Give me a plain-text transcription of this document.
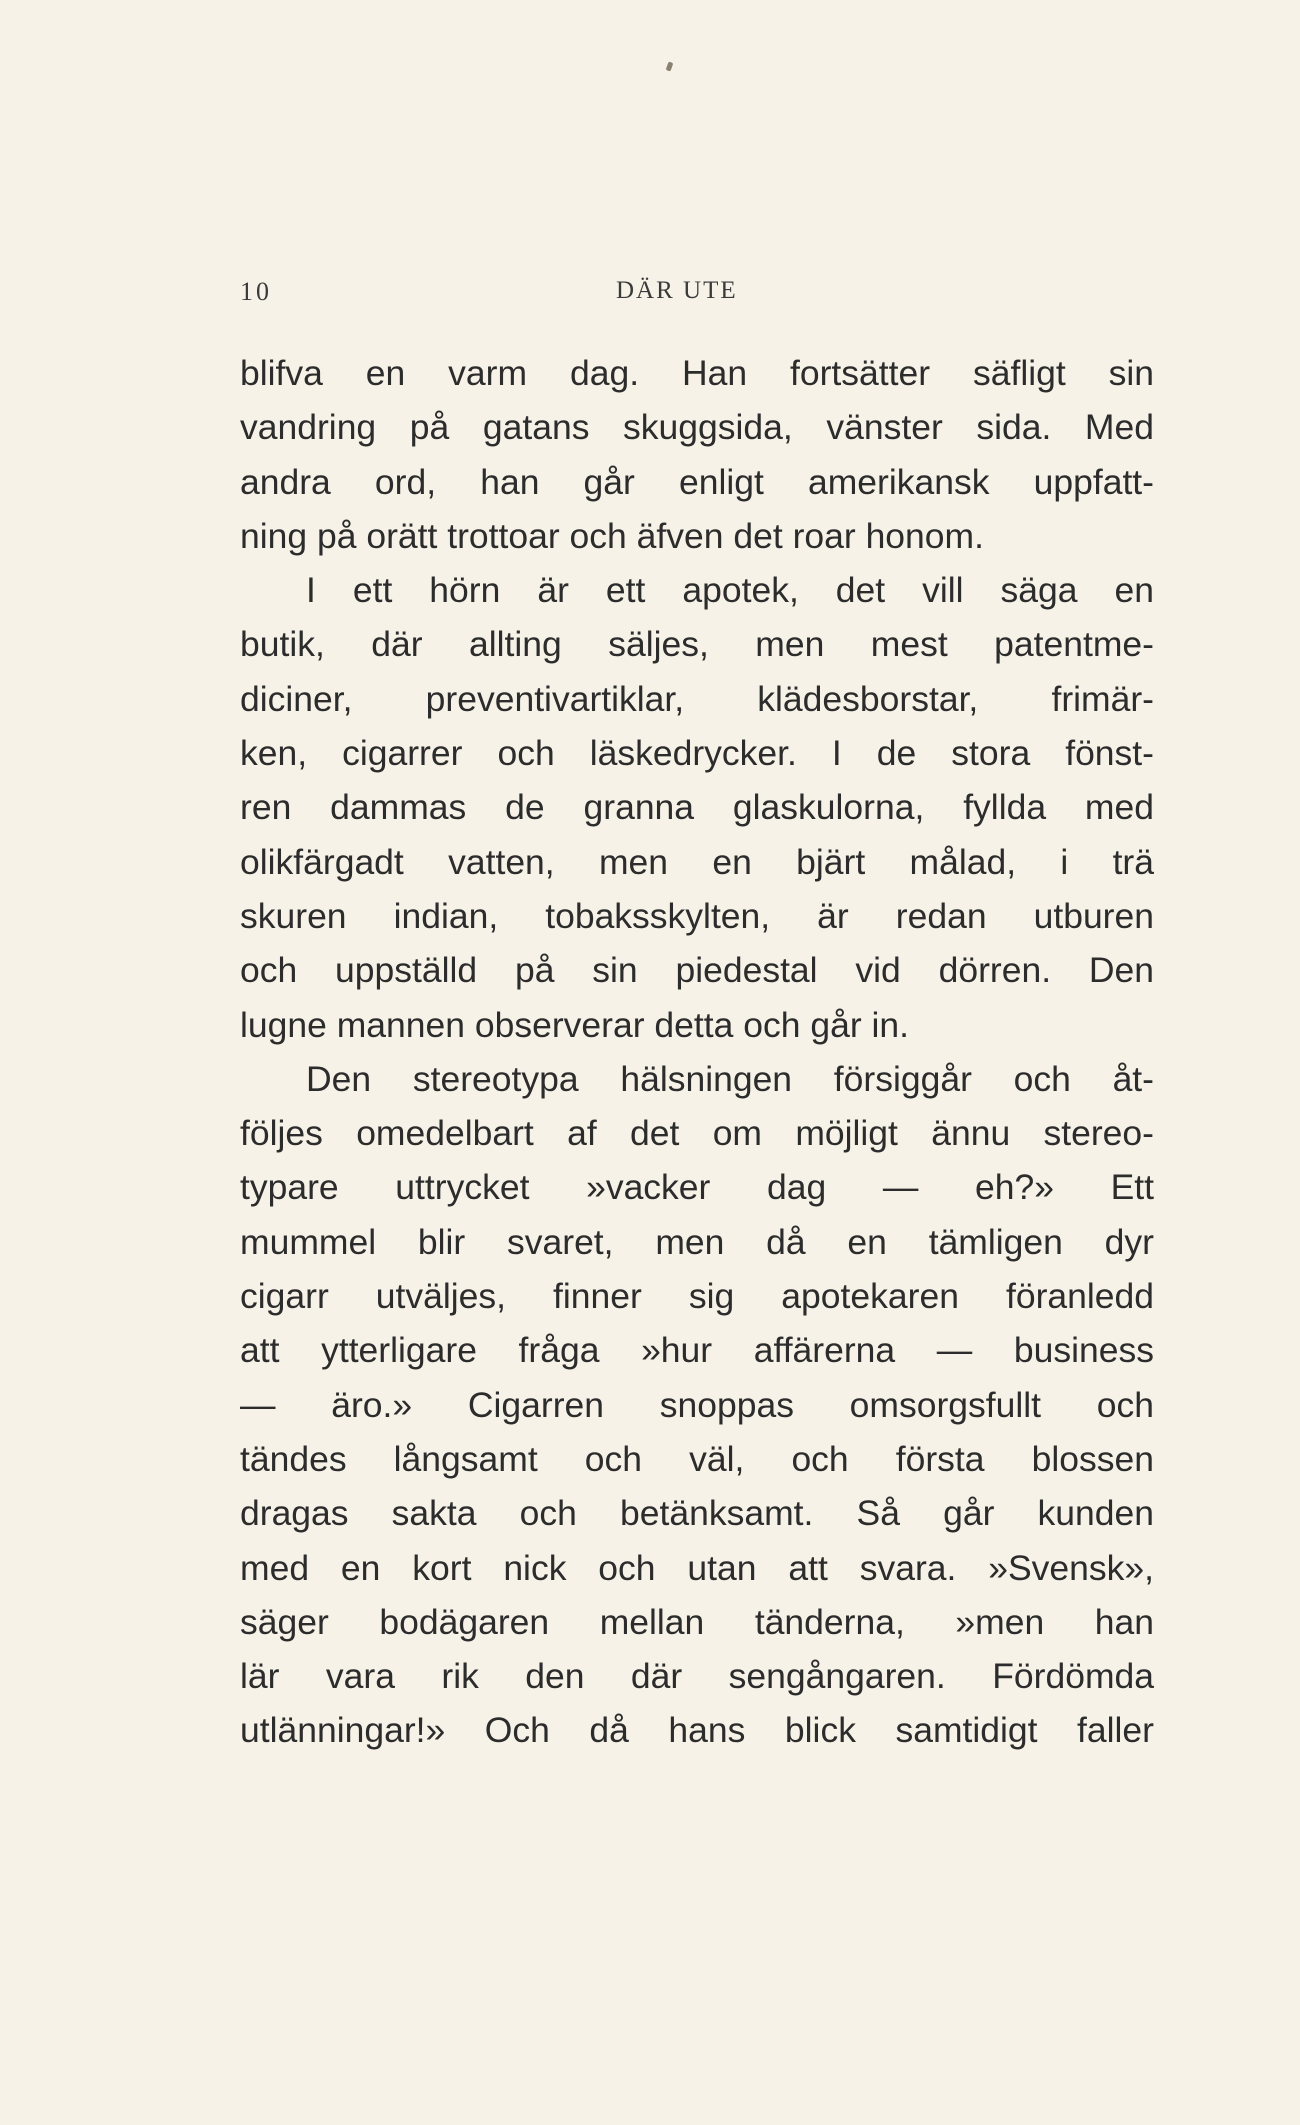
10	DÄR UTE
blifva en varm dag. Han fortsätter säfligt sin
vandring på gatans skuggsida, vänster sida. Med
andra ord, han går enligt amerikansk uppfatt-
ning på orätt trottoar och äfven det roar honom.
I ett hörn är ett apotek, det vill säga en
butik, där allting säljes, men mest patentme-
diciner, preventivartiklar, klädesborstar, frimär-
ken, cigarrer och läskedrycker. I de stora fönst-
ren dammas de granna glaskulorna, fyllda med
olikfärgadt vatten, men en bjärt målad, i trä
skuren indian, tobaksskylten, är redan utburen
och uppställd på sin piedestal vid dörren. Den
lugne mannen observerar detta och går in.
Den stereotypa hälsningen försiggår och åt-
följes omedelbart af det om möjligt ännu stereo-
typare uttrycket »vacker dag — eh?» Ett
mummel blir svaret, men då en tämligen dyr
cigarr utväljes, finner sig apotekaren föranledd
att ytterligare fråga »hur affärerna — business
— äro.» Cigarren snoppas omsorgsfullt och
tändes långsamt och väl, och första blossen
dragas sakta och betänksamt. Så går kunden
med en kort nick och utan att svara. »Svensk»,
säger bodägaren mellan tänderna, »men han
lär vara rik den där sengångaren. Fördömda
utlänningar!» Och då hans blick samtidigt faller
